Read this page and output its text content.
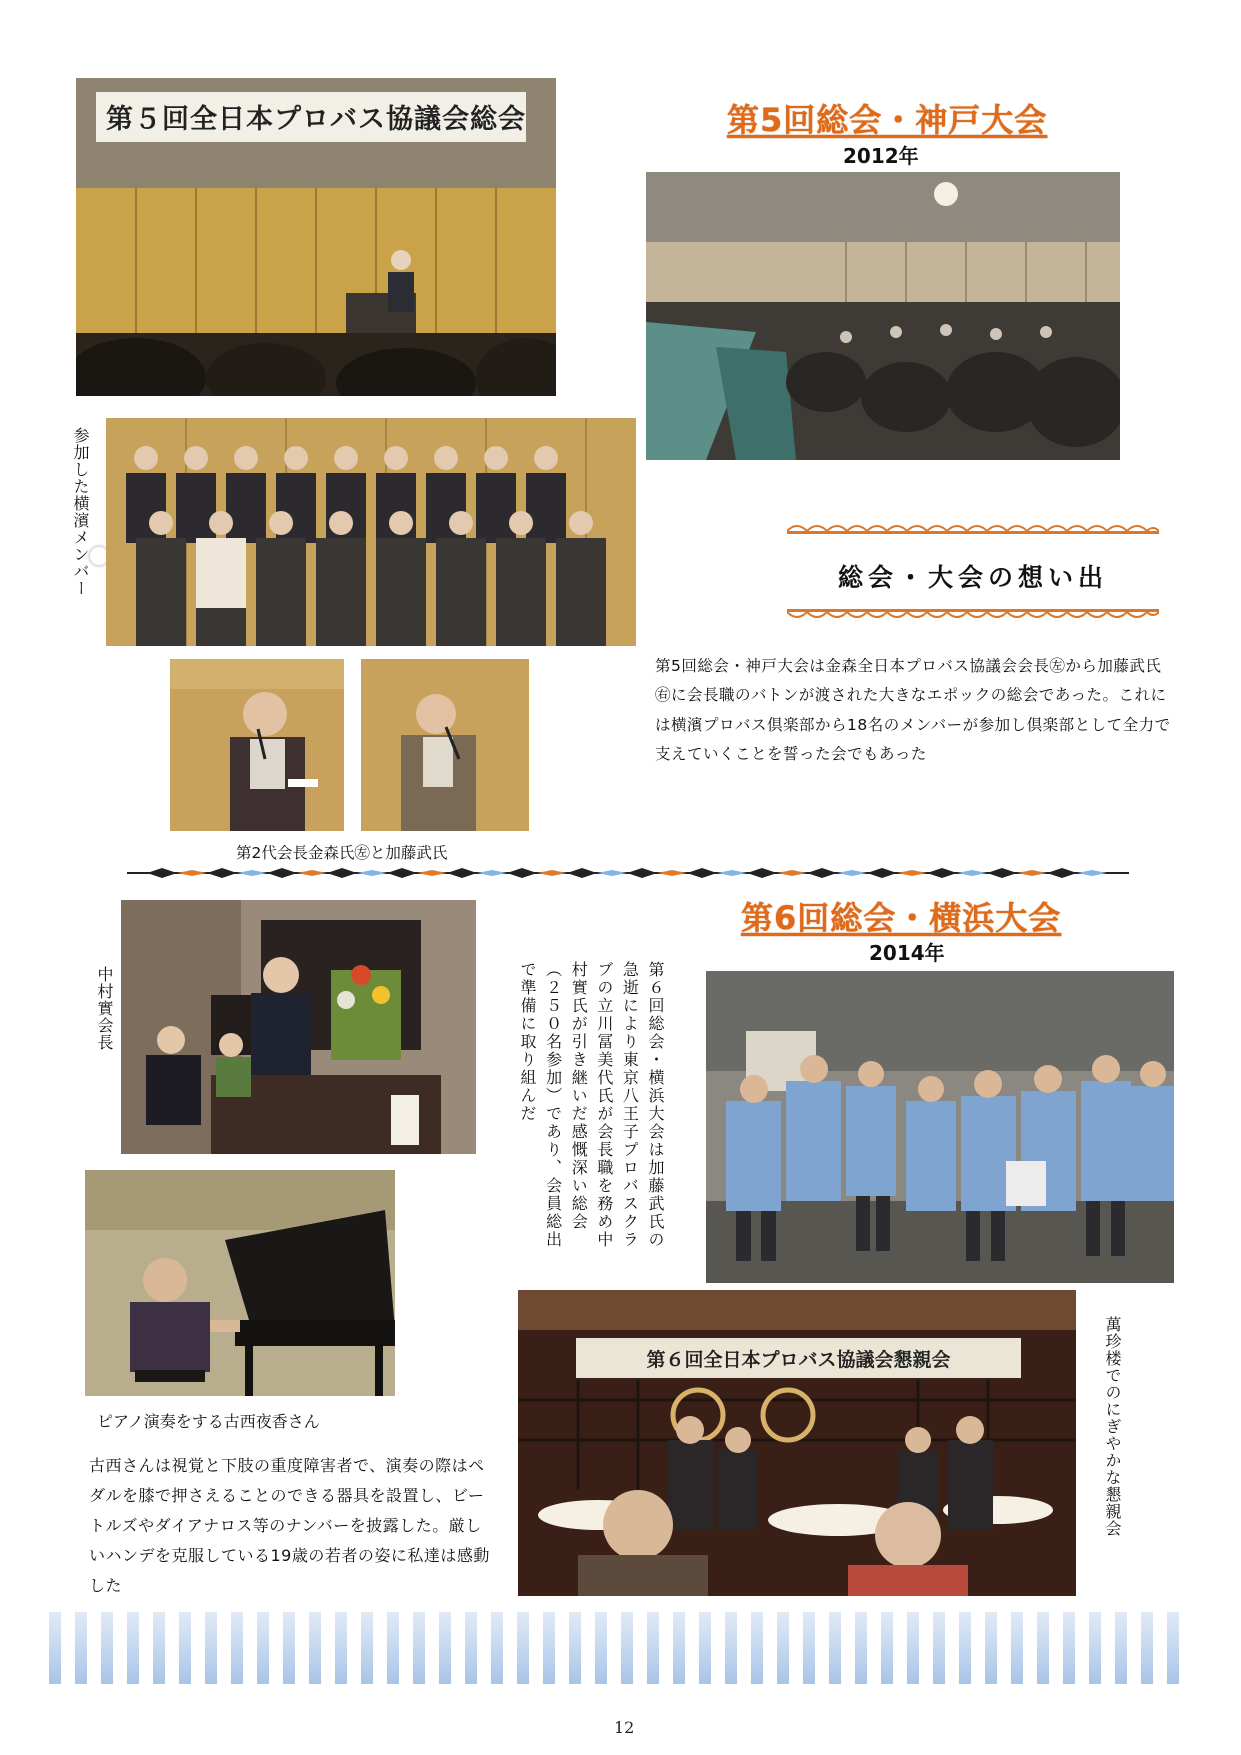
第５回全日本プロバス協議会総会	第5回総会・神戸大会
2012年
参加した横濱メンバー	総会・大会の想い出
第5回総会・神戸大会は金森全日本プロバス協議会会長㊧から加藤武氏㊨に会長職のバトンが渡された大きなエポックの総会であった。これには横濱プロバス倶楽部から18名のメンバーが参加し倶楽部として全力で支えていくことを誓った会でもあった
第2代会長金森氏㊧と加藤武氏
中村實会長	第６回総会・横浜大会は加藤武氏の急逝により東京八王子プロバスクラブの立川冨美代氏が会長職を務め中村實氏が引き継いだ感慨深い総会（２５０名参加）であり、会員総出で準備に取り組んだ
第6回総会・横浜大会
2014年
ピアノ演奏をする古西夜香さん
古西さんは視覚と下肢の重度障害者で、演奏の際はペダルを膝で押さえることのできる器具を設置し、ビートルズやダイアナロス等のナンバーを披露した。厳しいハンデを克服している19歳の若者の姿に私達は感動した
第６回全日本プロバス協議会懇親会	萬珍楼でのにぎやかな懇親会
12
